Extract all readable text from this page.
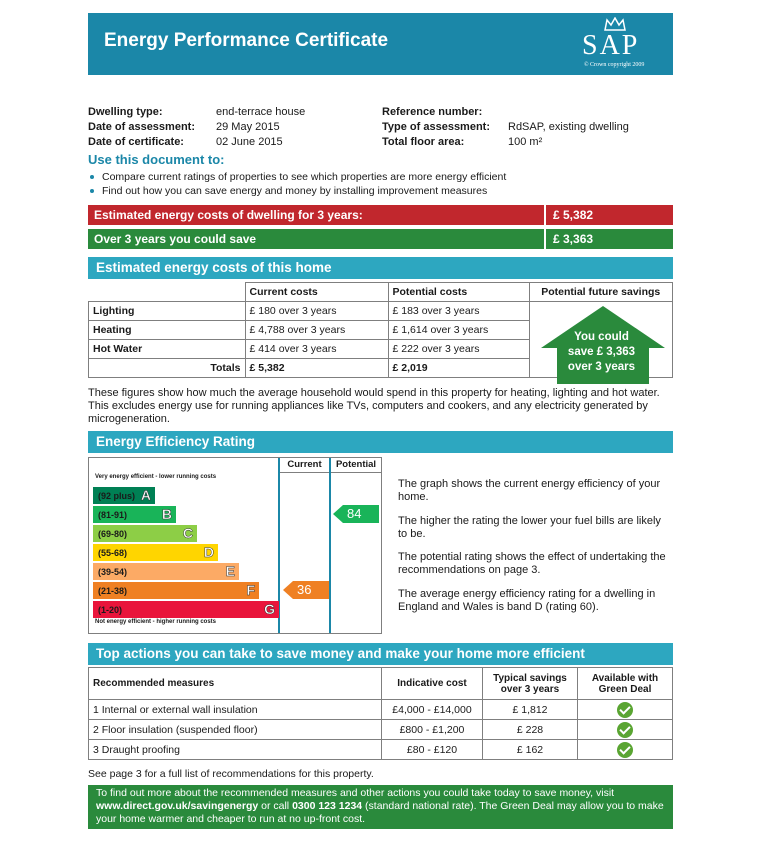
Energy Performance Certificate	SAP
© Crown copyright 2009
Dwelling type:	end-terrace house
Date of assessment: 29 May 2015
Date of certificate:	02 June 2015
Reference number:
Type of assessment: RdSAP, existing dwelling
Total floor area:	100 m²
Use this document to:
Compare current ratings of properties to see which properties are more energy efficient
Find out how you can save energy and money by installing improvement measures
Estimated energy costs of dwelling for 3 years:	£ 5,382
Over 3 years you could save	£ 3,363
Estimated energy costs of this home
	Current costs	Potential costs	Potential future savings
Lighting	£ 180 over 3 years	£ 183 over 3 years	You could
save £ 3,363
over 3 years

Heating	£ 4,788 over 3 years	£ 1,614 over 3 years	
Hot Water	£ 414 over 3 years	£ 222 over 3 years	
Totals	£ 5,382	£ 2,019	
These figures show how much the average household would spend in this property for heating, lighting and hot water. This excludes energy use for running appliances like TVs, computers and cookers, and any electricity generated by microgeneration.
Energy Efficiency Rating
Current	Potential
Very energy efficient - lower running costs
(92 plus) A
(81-91) B
(69-80)	C
(55-68)	D
(39-54)	E
(21-38)	F
(1-20)	G
Not energy efficient - higher running costs
36
84
The graph shows the current energy efficiency of your home.
The higher the rating the lower your fuel bills are likely to be.
The potential rating shows the effect of undertaking the recommendations on page 3.
The average energy efficiency rating for a dwelling in England and Wales is band D (rating 60).
Top actions you can take to save money and make your home more efficient
Recommended measures	Indicative cost	Typical savings over 3 years	Available with Green Deal
1 Internal or external wall insulation	£4,000 - £14,000	£ 1,812	
2 Floor insulation (suspended floor)	£800 - £1,200	£ 228	
3 Draught proofing	£80 - £120	£ 162	
See page 3 for a full list of recommendations for this property.
To find out more about the recommended measures and other actions you could take today to save money, visit www.direct.gov.uk/savingenergy or call 0300 123 1234 (standard national rate). The Green Deal may allow you to make your home warmer and cheaper to run at no up-front cost.
